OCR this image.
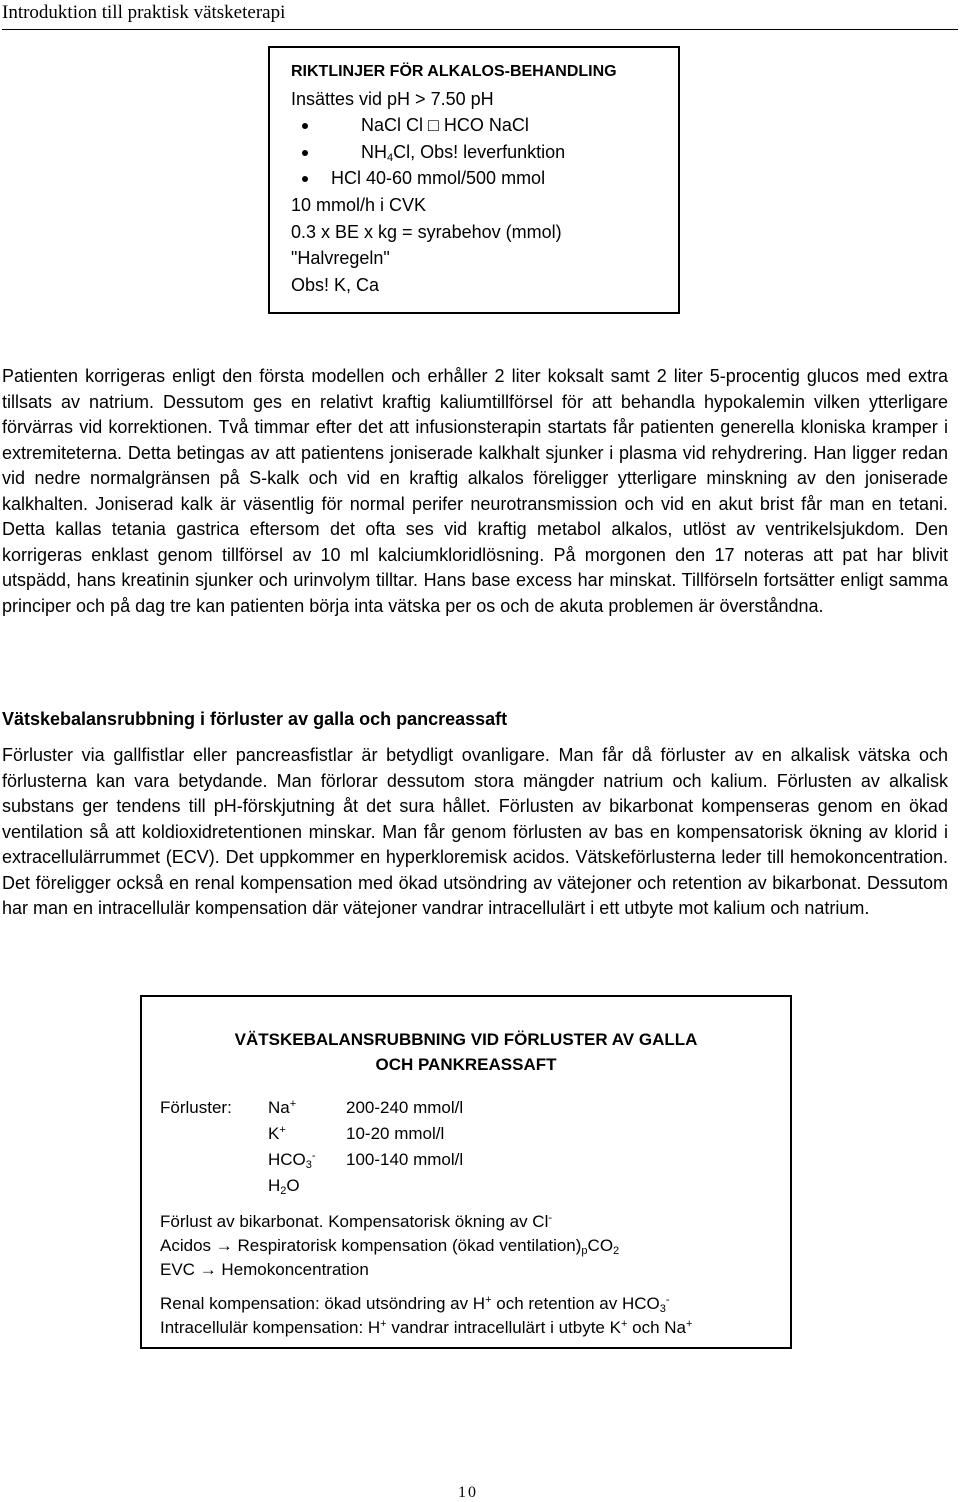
Introduktion till praktisk vätsketerapi
RIKTLINJER FÖR ALKALOS-BEHANDLING
Insättes vid pH > 7.50 pH
NaCl Cl □ HCO NaCl
$NH_4Cl$, Obs! leverfunktion
HCl 40-60 mmol/500 mmol
10 mmol/h i CVK
0.3 x BE x kg = syrabehov (mmol)
"Halvregeln"
Obs! K, Ca

Patienten korrigeras enligt den första modellen och erhåller 2 liter koksalt samt 2 liter 5-procentig glucos med extra tillsats av natrium. Dessutom ges en relativt kraftig kaliumtillförsel för att behandla hypokalemin vilken ytterligare förvärras vid korrektionen. Två timmar efter det att infusionsterapin startats får patienten generella kloniska kramper i extremiteterna. Detta betingas av att patientens joniserade kalkhalt sjunker i plasma vid rehydrering. Han ligger redan vid nedre normalgränsen på S-kalk och vid en kraftig alkalos föreligger ytterligare minskning av den joniserade kalkhalten. Joniserad kalk är väsentlig för normal perifer neurotransmission och vid en akut brist får man en tetani. Detta kallas tetania gastrica eftersom det ofta ses vid kraftig metabol alkalos, utlöst av ventrikelsjukdom. Den korrigeras enklast genom tillförsel av 10 ml kalciumkloridlösning. På morgonen den 17 noteras att pat har blivit utspädd, hans kreatinin sjunker och urinvolym tilltar. Hans base excess har minskat. Tillförseln fortsätter enligt samma principer och på dag tre kan patienten börja inta vätska per os och de akuta problemen är överståndna.

Vätskebalansrubbning i förluster av galla och pancreassaft

Förluster via gallfistlar eller pancreasfistlar är betydligt ovanligare. Man får då förluster av en alkalisk vätska och förlusterna kan vara betydande. Man förlorar dessutom stora mängder natrium och kalium. Förlusten av alkalisk substans ger tendens till pH-förskjutning åt det sura hållet. Förlusten av bikarbonat kompenseras genom en ökad ventilation så att koldioxidretentionen minskar. Man får genom förlusten av bas en kompensatorisk ökning av klorid i extracellulärrummet (ECV). Det uppkommer en hyperkloremisk acidos. Vätskeförlusterna leder till hemokoncentration. Det föreligger också en renal kompensation med ökad utsöndring av vätejoner och retention av bikarbonat. Dessutom har man en intracellulär kompensation där vätejoner vandrar intracellulärt i ett utbyte mot kalium och natrium.

VÄTSKEBALANSRUBBNING VID FÖRLUSTER AV GALLA
OCH PANKREASSAFT
Förluster: Na+	200-240 mmol/l
K+	10-20 mmol/l
$HCO_3^-$ 100-140 mmol/l
$H_2O$
Förlust av bikarbonat. Kompensatorisk ökning av Cl-
Acidos → Respiratorisk kompensation (ökad $ventilation)_pCO_2$
EVC → Hemokoncentration
Renal kompensation: ökad utsöndring av H+ och retention av $HCO_3^-$
Intracellulär kompensation: H+ vandrar intracellulärt i utbyte K+ och Na+
10
